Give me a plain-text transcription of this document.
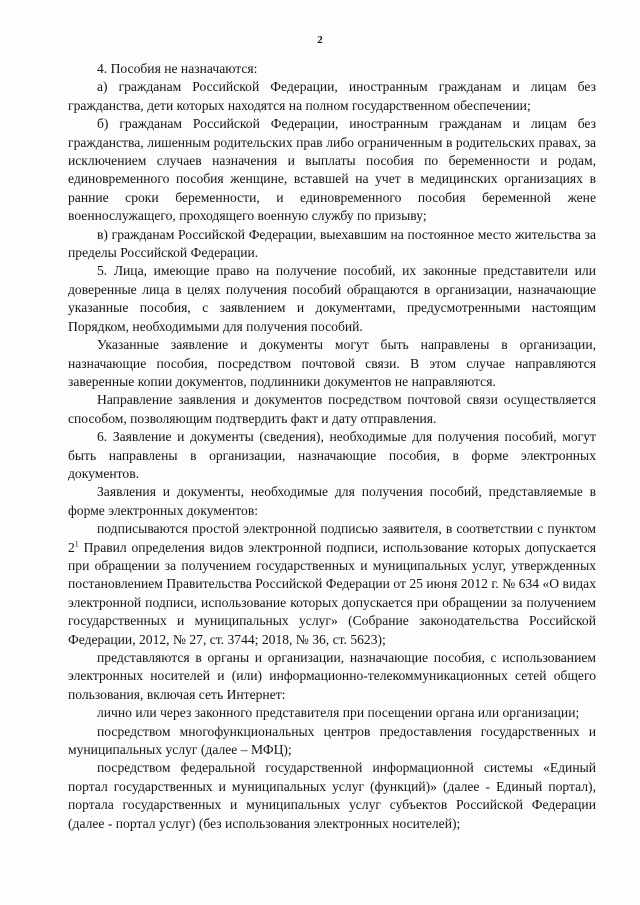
2

4. Пособия не назначаются:

а) гражданам Российской Федерации, иностранным гражданам и лицам без гражданства, дети которых находятся на полном государственном обеспечении;

б) гражданам Российской Федерации, иностранным гражданам и лицам без гражданства, лишенным родительских прав либо ограниченным в родительских правах, за исключением случаев назначения и выплаты пособия по беременности и родам, единовременного пособия женщине, вставшей на учет в медицинских организациях в ранние сроки беременности, и единовременного пособия беременной жене военнослужащего, проходящего военную службу по призыву;

в) гражданам Российской Федерации, выехавшим на постоянное место жительства за пределы Российской Федерации.

5. Лица, имеющие право на получение пособий, их законные представители или доверенные лица в целях получения пособий обращаются в организации, назначающие указанные пособия, с заявлением и документами, предусмотренными настоящим Порядком, необходимыми для получения пособий.

Указанные заявление и документы могут быть направлены в организации, назначающие пособия, посредством почтовой связи. В этом случае направляются заверенные копии документов, подлинники документов не направляются.

Направление заявления и документов посредством почтовой связи осуществляется способом, позволяющим подтвердить факт и дату отправления.

6. Заявление и документы (сведения), необходимые для получения пособий, могут быть направлены в организации, назначающие пособия, в форме электронных документов.

Заявления и документы, необходимые для получения пособий, представляемые в форме электронных документов:

подписываются простой электронной подписью заявителя, в соответствии с пунктом $2^1$ Правил определения видов электронной подписи, использование которых допускается при обращении за получением государственных и муниципальных услуг, утвержденных постановлением Правительства Российской Федерации от 25 июня 2012 г. № 634 «О видах электронной подписи, использование которых допускается при обращении за получением государственных и муниципальных услуг» (Собрание законодательства Российской Федерации, 2012, № 27, ст. 3744; 2018, № 36, ст. 5623);

представляются в органы и организации, назначающие пособия, с использованием электронных носителей и (или) информационно-телекоммуникационных сетей общего пользования, включая сеть Интернет:

лично или через законного представителя при посещении органа или организации;

посредством многофункциональных центров предоставления государственных и муниципальных услуг (далее – МФЦ);

посредством федеральной государственной информационной системы «Единый портал государственных и муниципальных услуг (функций)» (далее - Единый портал), портала государственных и муниципальных услуг субъектов Российской Федерации (далее - портал услуг) (без использования электронных носителей);
